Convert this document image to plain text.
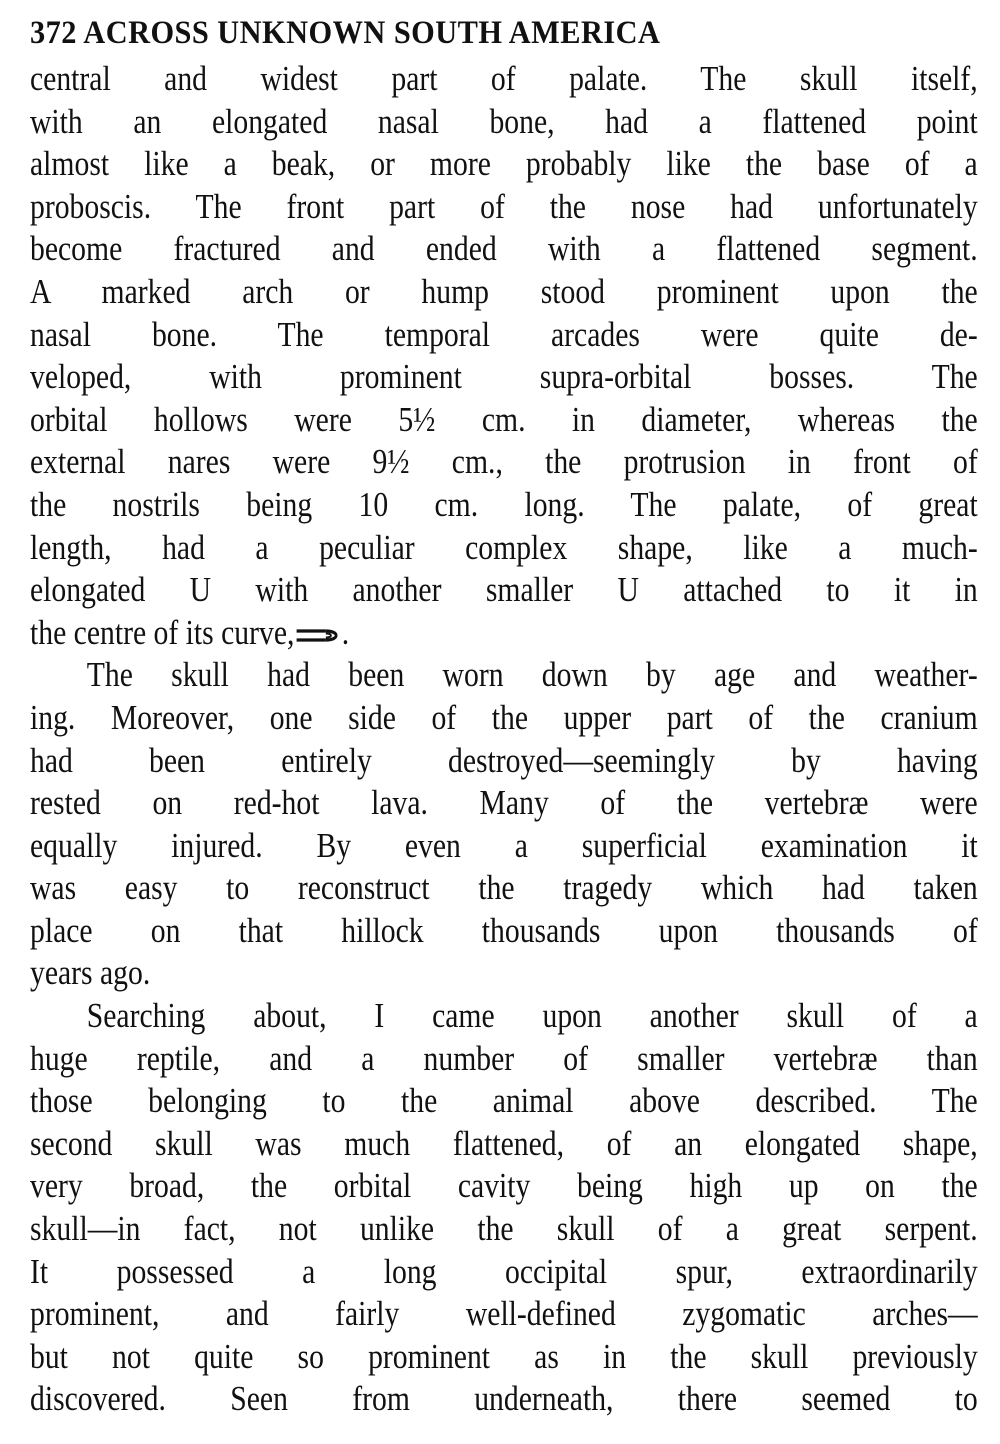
372 ACROSS UNKNOWN SOUTH AMERICA
central and widest part of palate. The skull itself,
with an elongated nasal bone, had a flattened point
almost like a beak, or more probably like the base of a
proboscis. The front part of the nose had unfortunately
become fractured and ended with a flattened segment.
A marked arch or hump stood prominent upon the
nasal bone. The temporal arcades were quite de-
veloped, with prominent supra-orbital bosses. The
orbital hollows were 5½ cm. in diameter, whereas the
external nares were 9½ cm., the protrusion in front of
the nostrils being 10 cm. long. The palate, of great
length, had a peculiar complex shape, like a much-
elongated U with another smaller U attached to it in
the centre of its curve, .
The skull had been worn down by age and weather-
ing. Moreover, one side of the upper part of the cranium
had been entirely destroyed—seemingly by having
rested on red-hot lava. Many of the vertebræ were
equally injured. By even a superficial examination it
was easy to reconstruct the tragedy which had taken
place on that hillock thousands upon thousands of
years ago.
Searching about, I came upon another skull of a
huge reptile, and a number of smaller vertebræ than
those belonging to the animal above described. The
second skull was much flattened, of an elongated shape,
very broad, the orbital cavity being high up on the
skull—in fact, not unlike the skull of a great serpent.
It possessed a long occipital spur, extraordinarily
prominent, and fairly well-defined zygomatic arches—
but not quite so prominent as in the skull previously
discovered. Seen from underneath, there seemed to
